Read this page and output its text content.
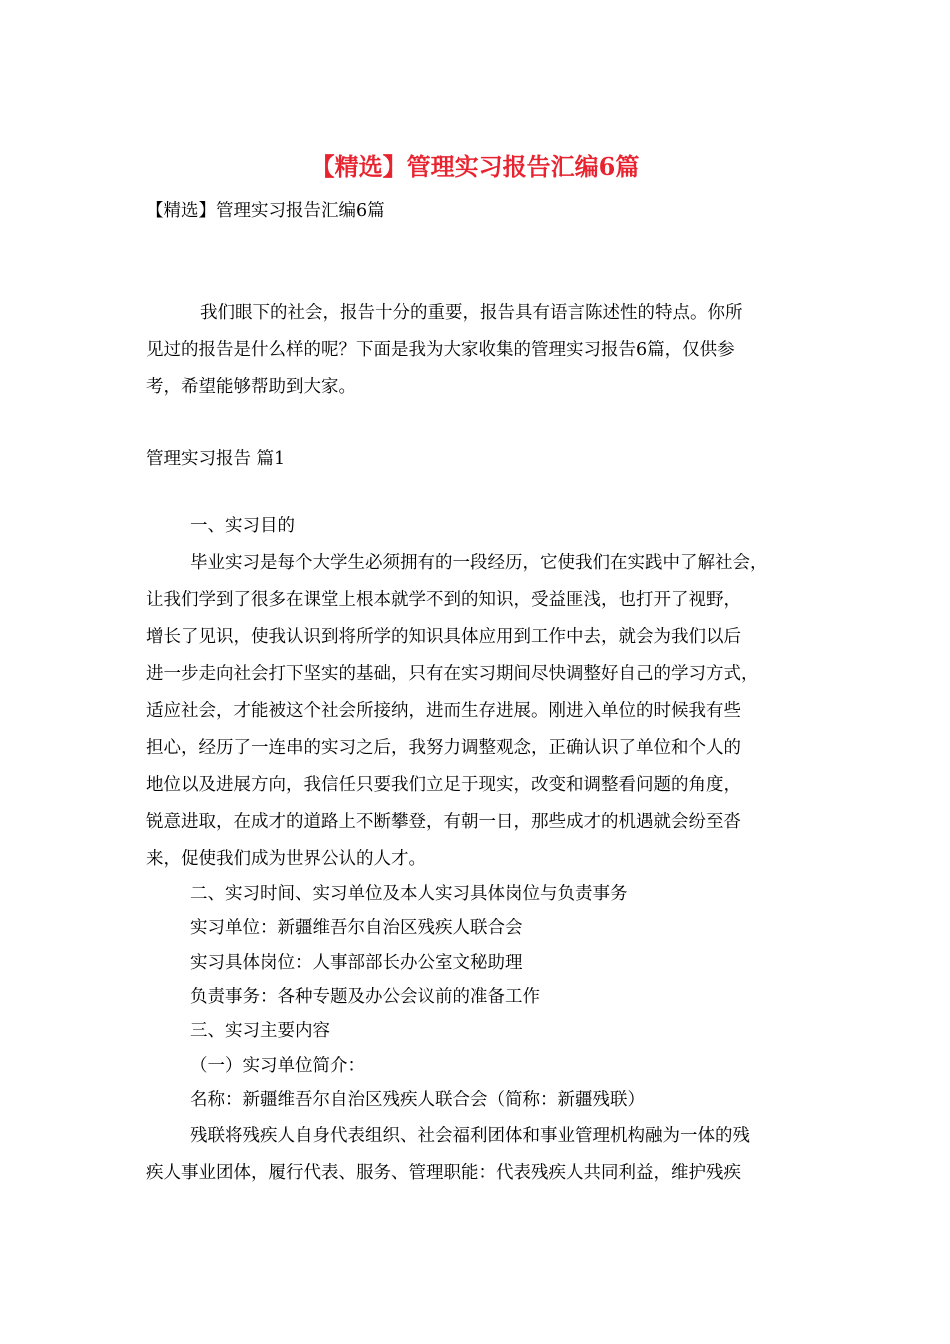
【精选】管理实习报告汇编6篇
【精选】管理实习报告汇编6篇
我们眼下的社会，报告十分的重要，报告具有语言陈述性的特点。你所
见过的报告是什么样的呢？下面是我为大家收集的管理实习报告6篇，仅供参
考，希望能够帮助到大家。
管理实习报告 篇1
一、实习目的
毕业实习是每个大学生必须拥有的一段经历，它使我们在实践中了解社会，
让我们学到了很多在课堂上根本就学不到的知识，受益匪浅，也打开了视野，
增长了见识，使我认识到将所学的知识具体应用到工作中去，就会为我们以后
进一步走向社会打下坚实的基础，只有在实习期间尽快调整好自己的学习方式，
适应社会，才能被这个社会所接纳，进而生存进展。刚进入单位的时候我有些
担心，经历了一连串的实习之后，我努力调整观念，正确认识了单位和个人的
地位以及进展方向，我信任只要我们立足于现实，改变和调整看问题的角度，
锐意进取，在成才的道路上不断攀登，有朝一日，那些成才的机遇就会纷至沓
来，促使我们成为世界公认的人才。
二、实习时间、实习单位及本人实习具体岗位与负责事务
实习单位：新疆维吾尔自治区残疾人联合会
实习具体岗位：人事部部长办公室文秘助理
负责事务：各种专题及办公会议前的准备工作
三、实习主要内容
（一）实习单位简介：
名称：新疆维吾尔自治区残疾人联合会（简称：新疆残联）
残联将残疾人自身代表组织、社会福利团体和事业管理机构融为一体的残
疾人事业团体，履行代表、服务、管理职能：代表残疾人共同利益，维护残疾
